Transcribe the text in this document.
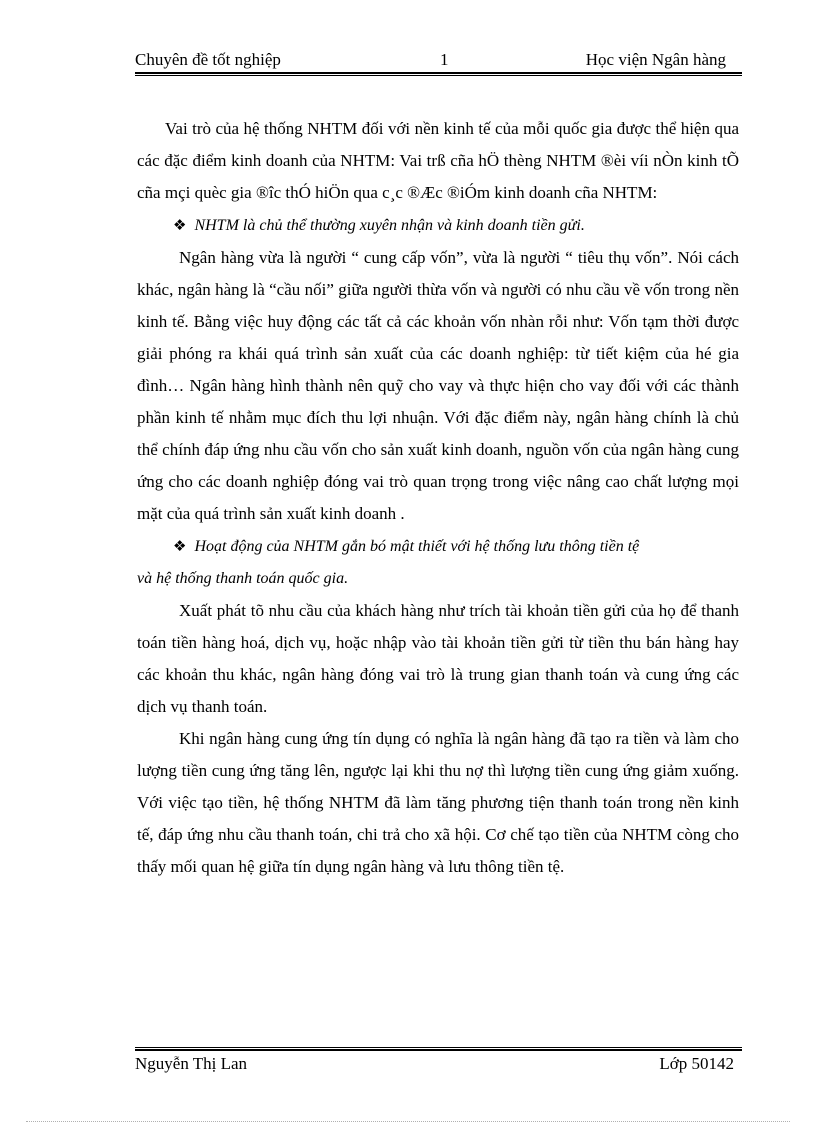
Chuyên đề tốt nghiệp	1	Học viện Ngân hàng

Vai trò của hệ thống NHTM đối với nền kinh tế của mỗi quốc gia được thể hiện qua các đặc điểm kinh doanh của NHTM: Vai trß cña hÖ thèng NHTM ®èi víi nÒn kinh tÕ cña mçi quèc gia ®îc thÓ hiÖn qua c¸c ®Æc ®iÓm kinh doanh cña NHTM:

❖ NHTM là chủ thể thường xuyên nhận và kinh doanh tiền gửi.

Ngân hàng vừa là người “ cung cấp vốn”, vừa là người “ tiêu thụ vốn”. Nói cách khác, ngân hàng là “cầu nối” giữa người thừa vốn và người có nhu cầu về vốn trong nền kinh tế. Bằng việc huy động các tất cả các khoản vốn nhàn rỗi như: Vốn tạm thời được giải phóng ra khái quá trình sản xuất của các doanh nghiệp: từ tiết kiệm của hé gia đình… Ngân hàng hình thành nên quỹ cho vay và thực hiện cho vay đối với các thành phần kinh tế nhằm mục đích thu lợi nhuận. Với đặc điểm này, ngân hàng chính là chủ thể chính đáp ứng nhu cầu vốn cho sản xuất kinh doanh, nguồn vốn của ngân hàng cung ứng cho các doanh nghiệp đóng vai trò quan trọng trong việc nâng cao chất lượng mọi mặt của quá trình sản xuất kinh doanh .

❖ Hoạt động của NHTM gắn bó mật thiết với hệ thống lưu thông tiền tệ

và hệ thống thanh toán quốc gia.

Xuất phát tõ nhu cầu của khách hàng như trích tài khoản tiền gửi của họ để thanh toán tiền hàng hoá, dịch vụ, hoặc nhập vào tài khoản tiền gửi từ tiền thu bán hàng hay các khoản thu khác, ngân hàng đóng vai trò là trung gian thanh toán và cung ứng các dịch vụ thanh toán.

Khi ngân hàng cung ứng tín dụng có nghĩa là ngân hàng đã tạo ra tiền và làm cho lượng tiền cung ứng tăng lên, ngược lại khi thu nợ thì lượng tiền cung ứng giảm xuống. Với việc tạo tiền, hệ thống NHTM đã làm tăng phương tiện thanh toán trong nền kinh tế, đáp ứng nhu cầu thanh toán, chi trả cho xã hội. Cơ chế tạo tiền của NHTM còng cho thấy mối quan hệ giữa tín dụng ngân hàng và lưu thông tiền tệ.

Nguyễn Thị Lan	Lớp 50142
